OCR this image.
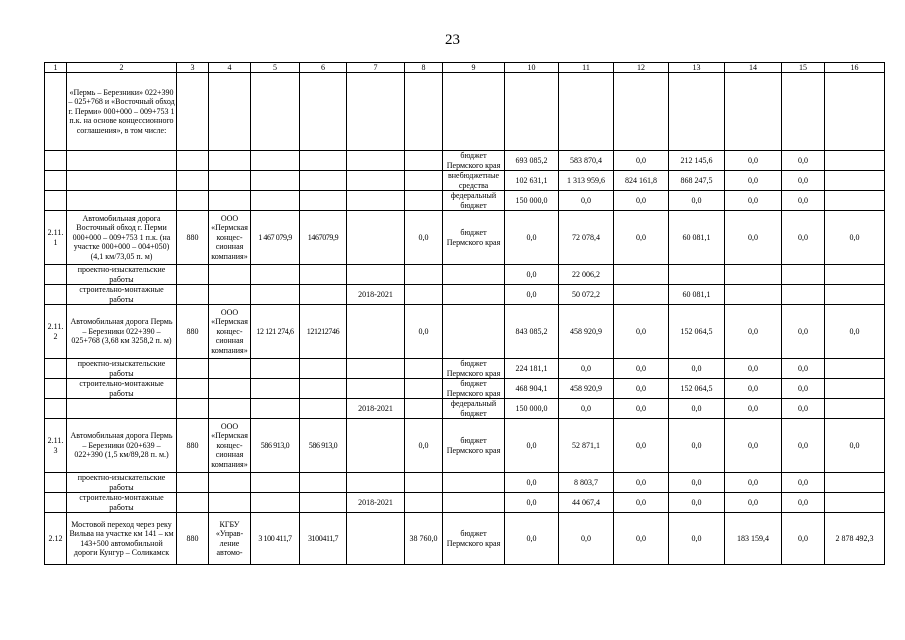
23
1	2	3	4	5	6	7	8	9	10	11	12	13	14	15	16
	«Пермь – Березники» 022+390 – 025+768 и «Восточный обход г. Перми» 000+000 – 009+753 1 п.к. на основе концессионного соглашения», в том числе:														
								бюджет Пермского края	693 085,2	583 870,4	0,0	212 145,6	0,0	0,0	
								внебюджетные средства	102 631,1	1 313 959,6	824 161,8	868 247,5	0,0	0,0	
								федеральный бюджет	150 000,0	0,0	0,0	0,0	0,0	0,0	
2.11.1	Автомобильная дорога Восточный обход г. Перми 000+000 – 009+753 1 п.к. (на участке 000+000 – 004+050) (4,1 км/73,05 п. м)	880	ООО «Пермская концес-сионная компания»	1 467 079,9	1467079,9		0,0	бюджет Пермского края	0,0	72 078,4	0,0	60 081,1	0,0	0,0	0,0
	проектно-изыскательские работы								0,0	22 006,2					
	строительно-монтажные работы					2018-2021			0,0	50 072,2		60 081,1			
2.11.2	Автомобильная дорога Пермь – Березники 022+390 – 025+768 (3,68 км 3258,2 п. м)	880	ООО «Пермская концес-сионная компания»	12 121 274,6	121212746		0,0		843 085,2	458 920,9	0,0	152 064,5	0,0	0,0	0,0
	проектно-изыскательские работы							бюджет Пермского края	224 181,1	0,0	0,0	0,0	0,0	0,0	
	строительно-монтажные работы							бюджет Пермского края	468 904,1	458 920,9	0,0	152 064,5	0,0	0,0	
						2018-2021		федеральный бюджет	150 000,0	0,0	0,0	0,0	0,0	0,0	
2.11.3	Автомобильная дорога Пермь – Березники 020+639 – 022+390 (1,5 км/89,28 п. м.)	880	ООО «Пермская концес-сионная компания»	586 913,0	586 913,0		0,0	бюджет Пермского края	0,0	52 871,1	0,0	0,0	0,0	0,0	0,0
	проектно-изыскательские работы								0,0	8 803,7	0,0	0,0	0,0	0,0	
	строительно-монтажные работы					2018-2021			0,0	44 067,4	0,0	0,0	0,0	0,0	
2.12	Мостовой переход через реку Вильва на участке км 141 – км 143+500 автомобильной дороги Кунгур – Соликамск	880	КГБУ «Управ-ление автомо-	3 100 411,7	3100411,7		38 760,0	бюджет Пермского края	0,0	0,0	0,0	0,0	183 159,4	0,0	2 878 492,3
